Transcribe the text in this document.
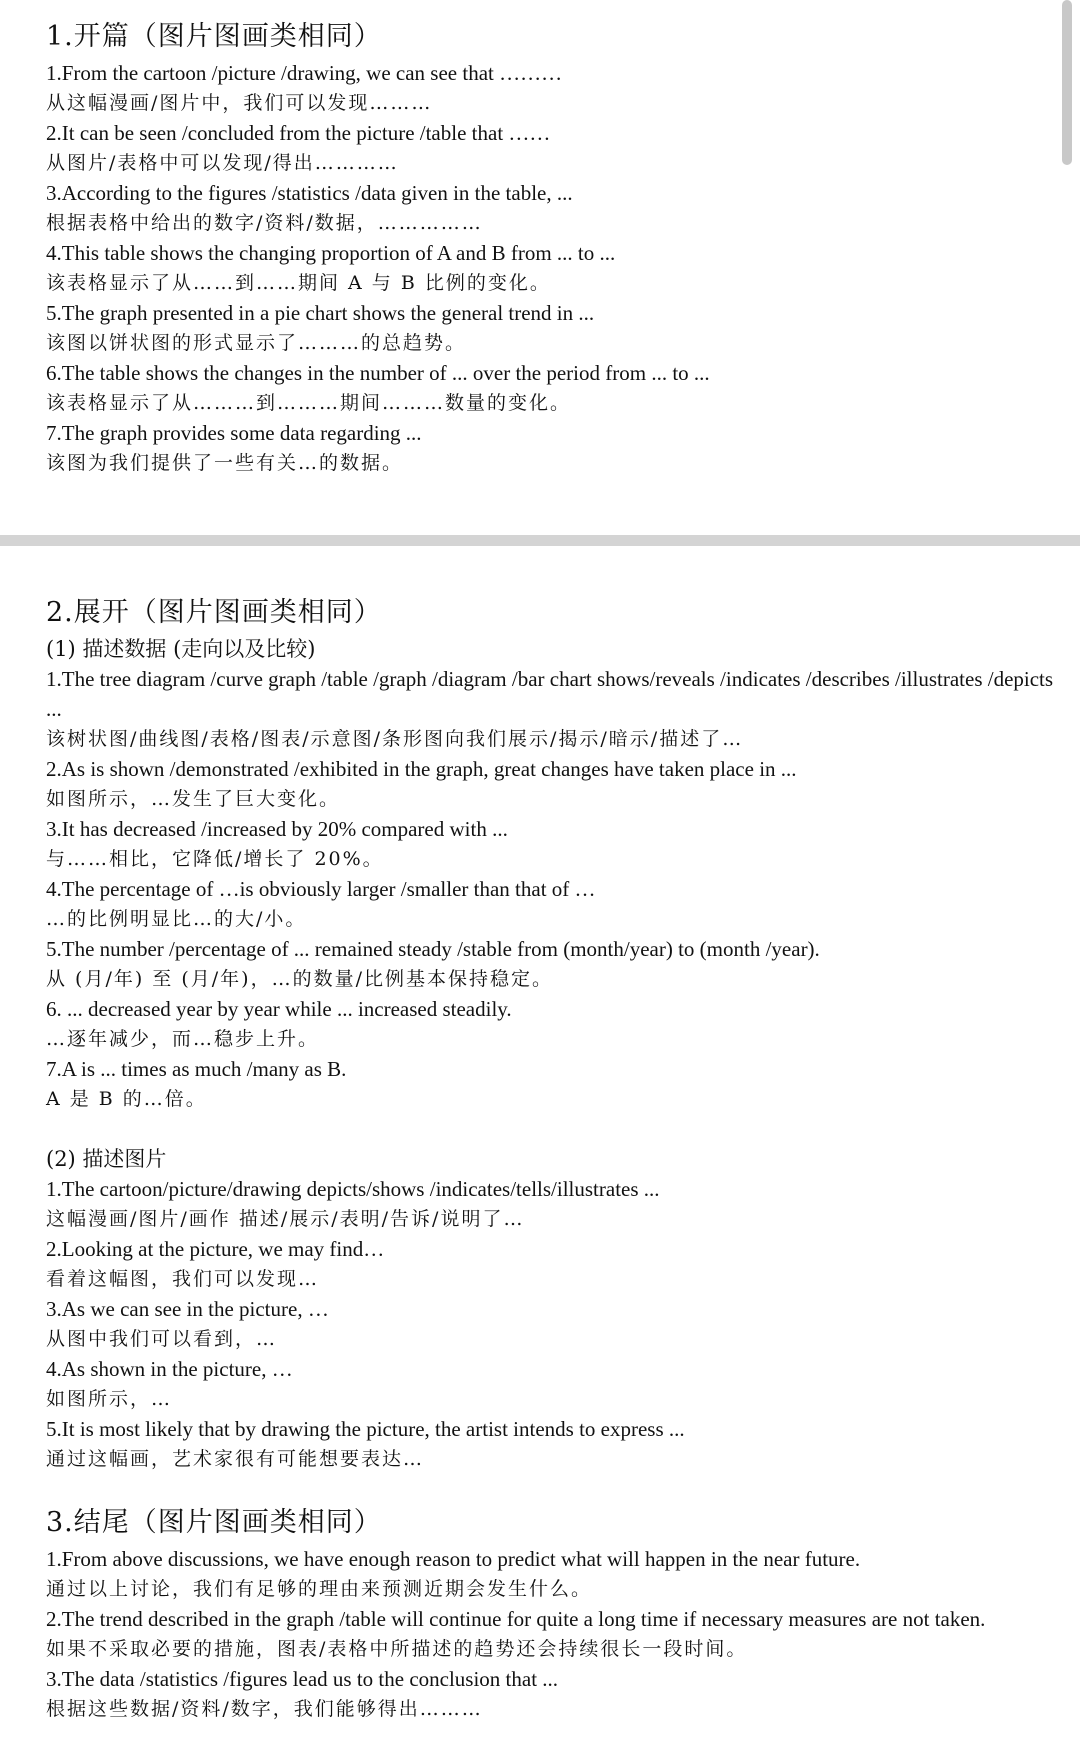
1.开篇（图片图画类相同）
1.From the cartoon /picture /drawing, we can see that ………
从这幅漫画/图片中，我们可以发现………
2.It can be seen /concluded from the picture /table that ……
从图片/表格中可以发现/得出…………
3.According to the figures /statistics /data given in the table, ...
根据表格中给出的数字/资料/数据，……………
4.This table shows the changing proportion of A and B from ... to ...
该表格显示了从……到……期间 A 与 B 比例的变化。
5.The graph presented in a pie chart shows the general trend in ...
该图以饼状图的形式显示了………的总趋势。
6.The table shows the changes in the number of ... over the period from ... to ...
该表格显示了从………到………期间………数量的变化。
7.The graph provides some data regarding ...
该图为我们提供了一些有关…的数据。
2.展开（图片图画类相同）
(1) 描述数据 (走向以及比较)
1.The tree diagram /curve graph /table /graph /diagram /bar chart shows/reveals /indicates /describes /illustrates /depicts ...
该树状图/曲线图/表格/图表/示意图/条形图向我们展示/揭示/暗示/描述了…
2.As is shown /demonstrated /exhibited in the graph, great changes have taken place in ...
如图所示，…发生了巨大变化。
3.It has decreased /increased by 20% compared with ...
与……相比，它降低/增长了 20%。
4.The percentage of …is obviously larger /smaller than that of …
…的比例明显比…的大/小。
5.The number /percentage of ... remained steady /stable from (month/year) to (month /year).
从 (月/年) 至 (月/年)，…的数量/比例基本保持稳定。
6. ... decreased year by year while ... increased steadily.
…逐年减少，而…稳步上升。
7.A is ... times as much /many as B.
A 是 B 的…倍。
(2) 描述图片
1.The cartoon/picture/drawing depicts/shows /indicates/tells/illustrates ...
这幅漫画/图片/画作 描述/展示/表明/告诉/说明了…
2.Looking at the picture, we may find…
看着这幅图，我们可以发现…
3.As we can see in the picture, …
从图中我们可以看到，…
4.As shown in the picture, …
如图所示，…
5.It is most likely that by drawing the picture, the artist intends to express ...
通过这幅画，艺术家很有可能想要表达…
3.结尾（图片图画类相同）
1.From above discussions, we have enough reason to predict what will happen in the near future.
通过以上讨论，我们有足够的理由来预测近期会发生什么。
2.The trend described in the graph /table will continue for quite a long time if necessary measures are not taken.
如果不采取必要的措施，图表/表格中所描述的趋势还会持续很长一段时间。
3.The data /statistics /figures lead us to the conclusion that ...
根据这些数据/资料/数字，我们能够得出………
